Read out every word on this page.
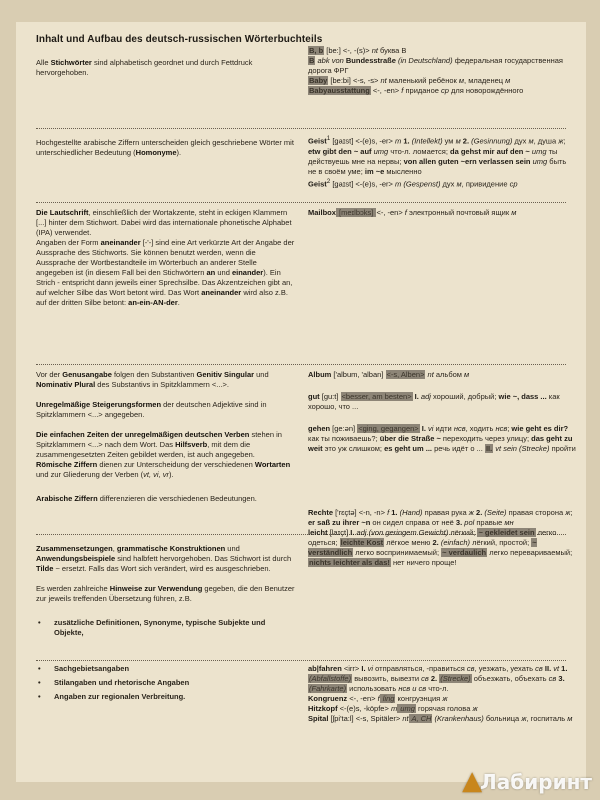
Inhalt und Aufbau des deutsch-russischen Wörterbuchteils
Alle Stichwörter sind alphabetisch geordnet und durch Fettdruck hervorgehoben.
B, b [be:] <-, -(s)> nt буква B
B abk von Bundesstraße (in Deutschland) федеральная государственная дорога ФРГ
Baby [be:bi] <-s, -s> nt маленький ребёнок м, младенец м
Babyausstattung <-, -en> f приданое ср для новорождённого
Hochgestellte arabische Ziffern unterscheiden gleich geschriebene Wörter mit unterschiedlicher Bedeutung (Homonyme).
Geist$^1$ [gaɪst] <-(e)s, -er> m 1. (Intellekt) ум м 2. (Gesinnung) дух м, душа ж; etw gibt den ~ auf umg что-л. ломается; da gehst mir auf den ~ umg ты действуешь мне на нервы; von allen guten ~ern verlassen sein umg быть не в своём уме; im ~e мысленно
Geist$^2$ [gaɪst] <-(e)s, -er> m (Gespenst) дух м, привидение ср
Die Lautschrift, einschließlich der Wortakzente, steht in eckigen Klammern [...] hinter dem Stichwort. Dabei wird das internationale phonetische Alphabet (IPA) verwendet.
Angaben der Form aneinander [-'-] sind eine Art verkürzte Art der Angabe der Aussprache des Stichworts. Sie können benutzt werden, wenn die Aussprache der Wortbestandteile im Wörterbuch an anderer Stelle angegeben ist (in diesem Fall bei den Stichwörtern an und einander). Ein Strich - entspricht dann jeweils einer Sprechsilbe. Das Akzentzeichen gibt an, auf welcher Silbe das Wort betont wird. Das Wort aneinander wird also z.B. auf der dritten Silbe betont: an-ein-AN-der.
Mailbox [meɪlbɔks] <-, -en> f электронный почтовый ящик м
Vor der Genusangabe folgen den Substantiven Genitiv Singular und Nominativ Plural des Substantivs in Spitzklammern <...>.
Unregelmäßige Steigerungsformen der deutschen Adjektive sind in Spitzklammern <...> angegeben.
Die einfachen Zeiten der unregelmäßigen deutschen Verben stehen in Spitzklammern <...> nach dem Wort. Das Hilfsverb, mit dem die zusammengesetzten Zeiten gebildet werden, ist auch angegeben.
Römische Ziffern dienen zur Unterscheidung der verschiedenen Wortarten und zur Gliederung der Verben (vt, vi, vr).
Arabische Ziffern differenzieren die verschiedenen Bedeutungen.
Album ['album, 'alban] <-s, Alben> nt альбом м
gut [gu:t] <besser, am besten> I. adj хороший, добрый; wie ~, dass ... как хорошо, что ...
gehen [ge:ən] <ging, gegangen> I. vi идти нсв, ходить нсв; wie geht es dir? как ты поживаешь?; über die Straße ~ переходить через улицу; das geht zu weit это уж слишком; es geht um ... речь идёт о ... II. vt sein (Strecke) пройти
Zusammensetzungen, grammatische Konstruktionen und Anwendungsbeispiele sind halbfett hervorgehoben. Das Stichwort ist durch Tilde ~ ersetzt. Falls das Wort sich verändert, wird es ausgeschrieben.
Es werden zahlreiche Hinweise zur Verwendung gegeben, die den Benutzer zur jeweils treffenden Übersetzung führen, z.B.
• zusätzliche Definitionen, Synonyme, typische Subjekte und Objekte,
• Sachgebietsangaben
• Stilangaben und rhetorische Angaben
• Angaben zur regionalen Verbreitung.
Rechte ['rɛçtə] <-n, -n> f 1. (Hand) правая рука ж 2. (Seite) правая сторона ж; er saß zu ihrer ~n он сидел справа от неё 3. pol правые мн
leicht [laɪçt] I. adj (von geringem Gewicht) лёгкий; ~ gekleidet sein легко одеться; leichte Kost лёгкое меню 2. (einfach) лёгкий, простой; ~ verständlich легко воспринимаемый; ~ verdaulich легко перевариваемый; nichts leichter als das! нет ничего проще!
ab|fahren <irr> I. vi отправляться, -правиться св, уезжать, уехать св II. vt 1. (Abfallstoffe) вывозить, вывезти св 2. (Strecke) объезжать, объехать св 3. (Fahrkarte) использовать нсв и св что-л.
Kongruenz <-, -en> f ling конгруэнция ж
Hitzkopf <-(e)s, -köpfe> m umg горячая голова ж
Spital [ʃpi'ta:l] <-s, Spitäler> nt A, CH (Krankenhaus) больница ж, госпиталь м
▲Лабиринт
